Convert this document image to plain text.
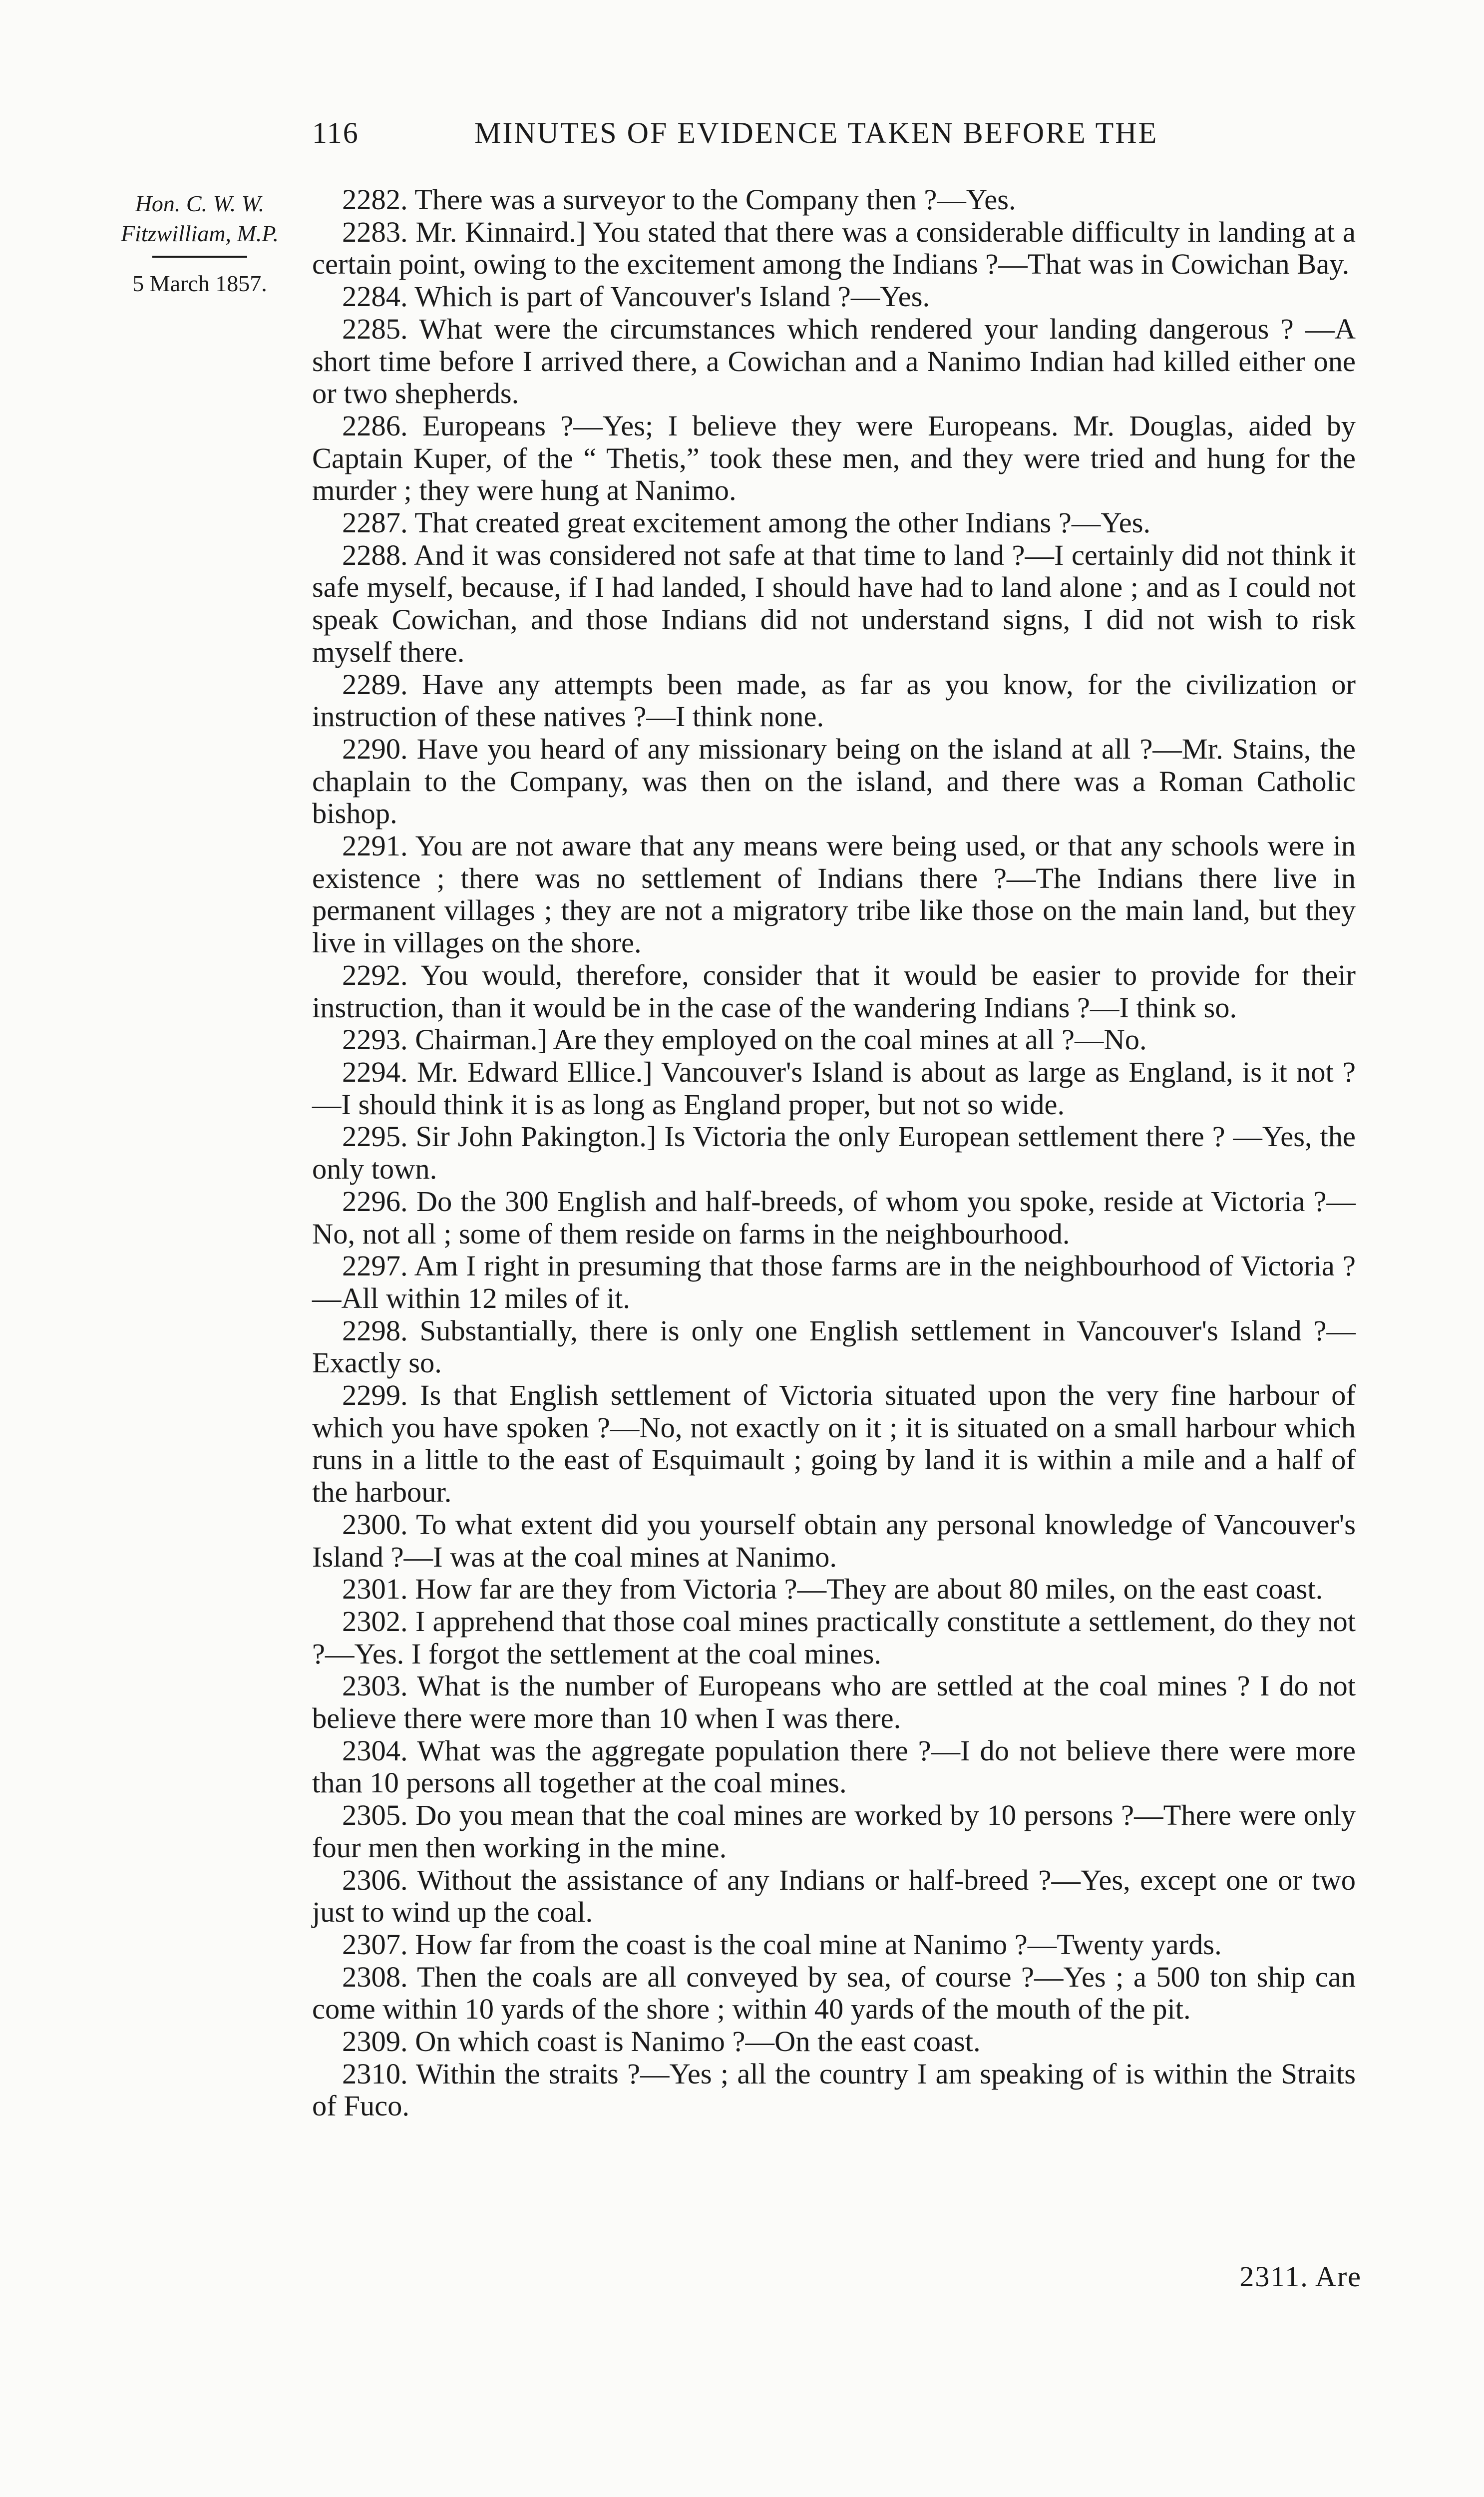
116	MINUTES OF EVIDENCE TAKEN BEFORE THE
Hon. C. W. W.
Fitzwilliam, M.P.
5 March 1857.

2282. There was a surveyor to the Company then ?—Yes.

2283. Mr. Kinnaird.] You stated that there was a considerable difficulty in landing at a certain point, owing to the excitement among the Indians ?—That was in Cowichan Bay.

2284. Which is part of Vancouver's Island ?—Yes.

2285. What were the circumstances which rendered your landing dangerous ? —A short time before I arrived there, a Cowichan and a Nanimo Indian had killed either one or two shepherds.

2286. Europeans ?—Yes; I believe they were Europeans. Mr. Douglas, aided by Captain Kuper, of the “ Thetis,” took these men, and they were tried and hung for the murder ; they were hung at Nanimo.

2287. That created great excitement among the other Indians ?—Yes.

2288. And it was considered not safe at that time to land ?—I certainly did not think it safe myself, because, if I had landed, I should have had to land alone ; and as I could not speak Cowichan, and those Indians did not understand signs, I did not wish to risk myself there.

2289. Have any attempts been made, as far as you know, for the civilization or instruction of these natives ?—I think none.

2290. Have you heard of any missionary being on the island at all ?—Mr. Stains, the chaplain to the Company, was then on the island, and there was a Roman Catholic bishop.

2291. You are not aware that any means were being used, or that any schools were in existence ; there was no settlement of Indians there ?—The Indians there live in permanent villages ; they are not a migratory tribe like those on the main land, but they live in villages on the shore.

2292. You would, therefore, consider that it would be easier to provide for their instruction, than it would be in the case of the wandering Indians ?—I think so.

2293. Chairman.] Are they employed on the coal mines at all ?—No.

2294. Mr. Edward Ellice.] Vancouver's Island is about as large as England, is it not ?—I should think it is as long as England proper, but not so wide.

2295. Sir John Pakington.] Is Victoria the only European settlement there ? —Yes, the only town.

2296. Do the 300 English and half-breeds, of whom you spoke, reside at Victoria ?—No, not all ; some of them reside on farms in the neighbourhood.

2297. Am I right in presuming that those farms are in the neighbourhood of Victoria ?—All within 12 miles of it.

2298. Substantially, there is only one English settlement in Vancouver's Island ?—Exactly so.

2299. Is that English settlement of Victoria situated upon the very fine harbour of which you have spoken ?—No, not exactly on it ; it is situated on a small harbour which runs in a little to the east of Esquimault ; going by land it is within a mile and a half of the harbour.

2300. To what extent did you yourself obtain any personal knowledge of Vancouver's Island ?—I was at the coal mines at Nanimo.

2301. How far are they from Victoria ?—They are about 80 miles, on the east coast.

2302. I apprehend that those coal mines practically constitute a settlement, do they not ?—Yes. I forgot the settlement at the coal mines.

2303. What is the number of Europeans who are settled at the coal mines ? I do not believe there were more than 10 when I was there.

2304. What was the aggregate population there ?—I do not believe there were more than 10 persons all together at the coal mines.

2305. Do you mean that the coal mines are worked by 10 persons ?—There were only four men then working in the mine.

2306. Without the assistance of any Indians or half-breed ?—Yes, except one or two just to wind up the coal.

2307. How far from the coast is the coal mine at Nanimo ?—Twenty yards.

2308. Then the coals are all conveyed by sea, of course ?—Yes ; a 500 ton ship can come within 10 yards of the shore ; within 40 yards of the mouth of the pit.

2309. On which coast is Nanimo ?—On the east coast.

2310. Within the straits ?—Yes ; all the country I am speaking of is within the Straits of Fuco.

2311. Are
